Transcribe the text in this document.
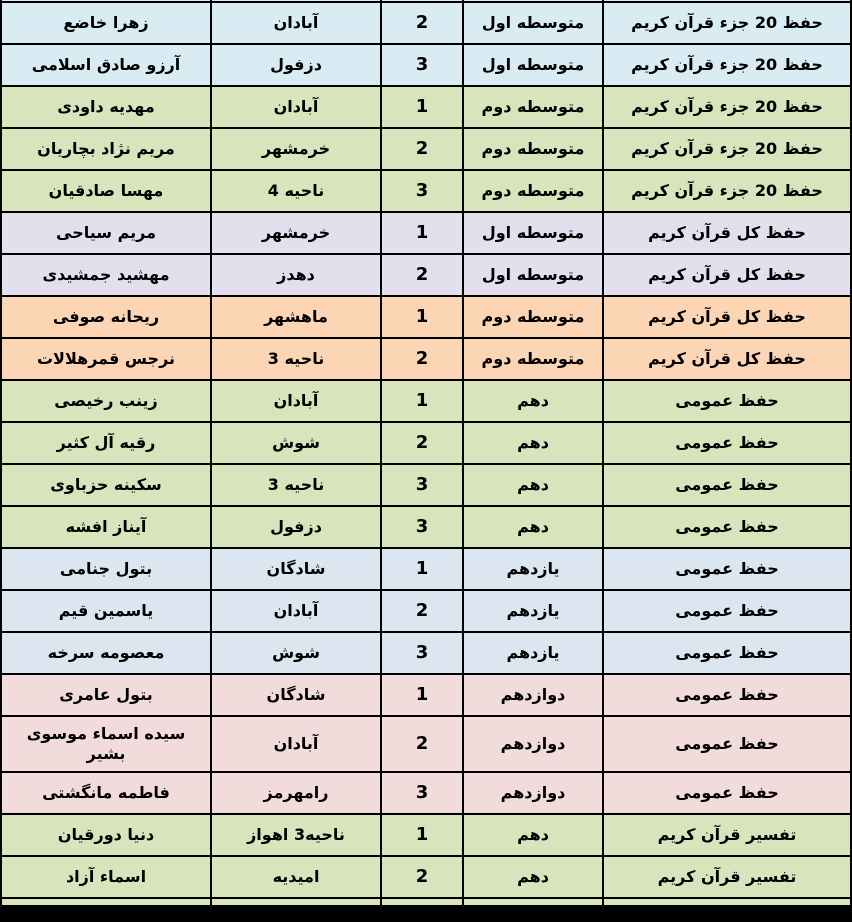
حفظ 20 جزء قرآن کریم	متوسطه اول	2	آبادان	زهرا خاضع
حفظ 20 جزء قرآن کریم	متوسطه اول	3	دزفول	آرزو صادق اسلامی
حفظ 20 جزء قرآن کریم	متوسطه دوم	1	آبادان	مهدیه داودی
حفظ 20 جزء قرآن کریم	متوسطه دوم	2	خرمشهر	مریم نژاد بچاریان
حفظ 20 جزء قرآن کریم	متوسطه دوم	3	ناحیه 4	مهسا صادقیان
حفظ کل قرآن کریم	متوسطه اول	1	خرمشهر	مریم سیاحی
حفظ کل قرآن کریم	متوسطه اول	2	دهدز	مهشید جمشیدی
حفظ کل قرآن کریم	متوسطه دوم	1	ماهشهر	ریحانه صوفی
حفظ کل قرآن کریم	متوسطه دوم	2	ناحیه 3	نرجس قمرهلالات
حفظ عمومی	دهم	1	آبادان	زینب رخیصی
حفظ عمومی	دهم	2	شوش	رقیه آل کثیر
حفظ عمومی	دهم	3	ناحیه 3	سکینه حزباوی
حفظ عمومی	دهم	3	دزفول	آیناز افشه
حفظ عمومی	یازدهم	1	شادگان	بتول جنامی
حفظ عمومی	یازدهم	2	آبادان	یاسمین قیم
حفظ عمومی	یازدهم	3	شوش	معصومه سرخه
حفظ عمومی	دوازدهم	1	شادگان	بتول عامری
حفظ عمومی	دوازدهم	2	آبادان	سیده اسماء موسوی بشیر
حفظ عمومی	دوازدهم	3	رامهرمز	فاطمه مانگشتی
تفسیر قرآن کریم	دهم	1	ناحیه3 اهواز	دنیا دورقیان
تفسیر قرآن کریم	دهم	2	امیدیه	اسماء آزاد
